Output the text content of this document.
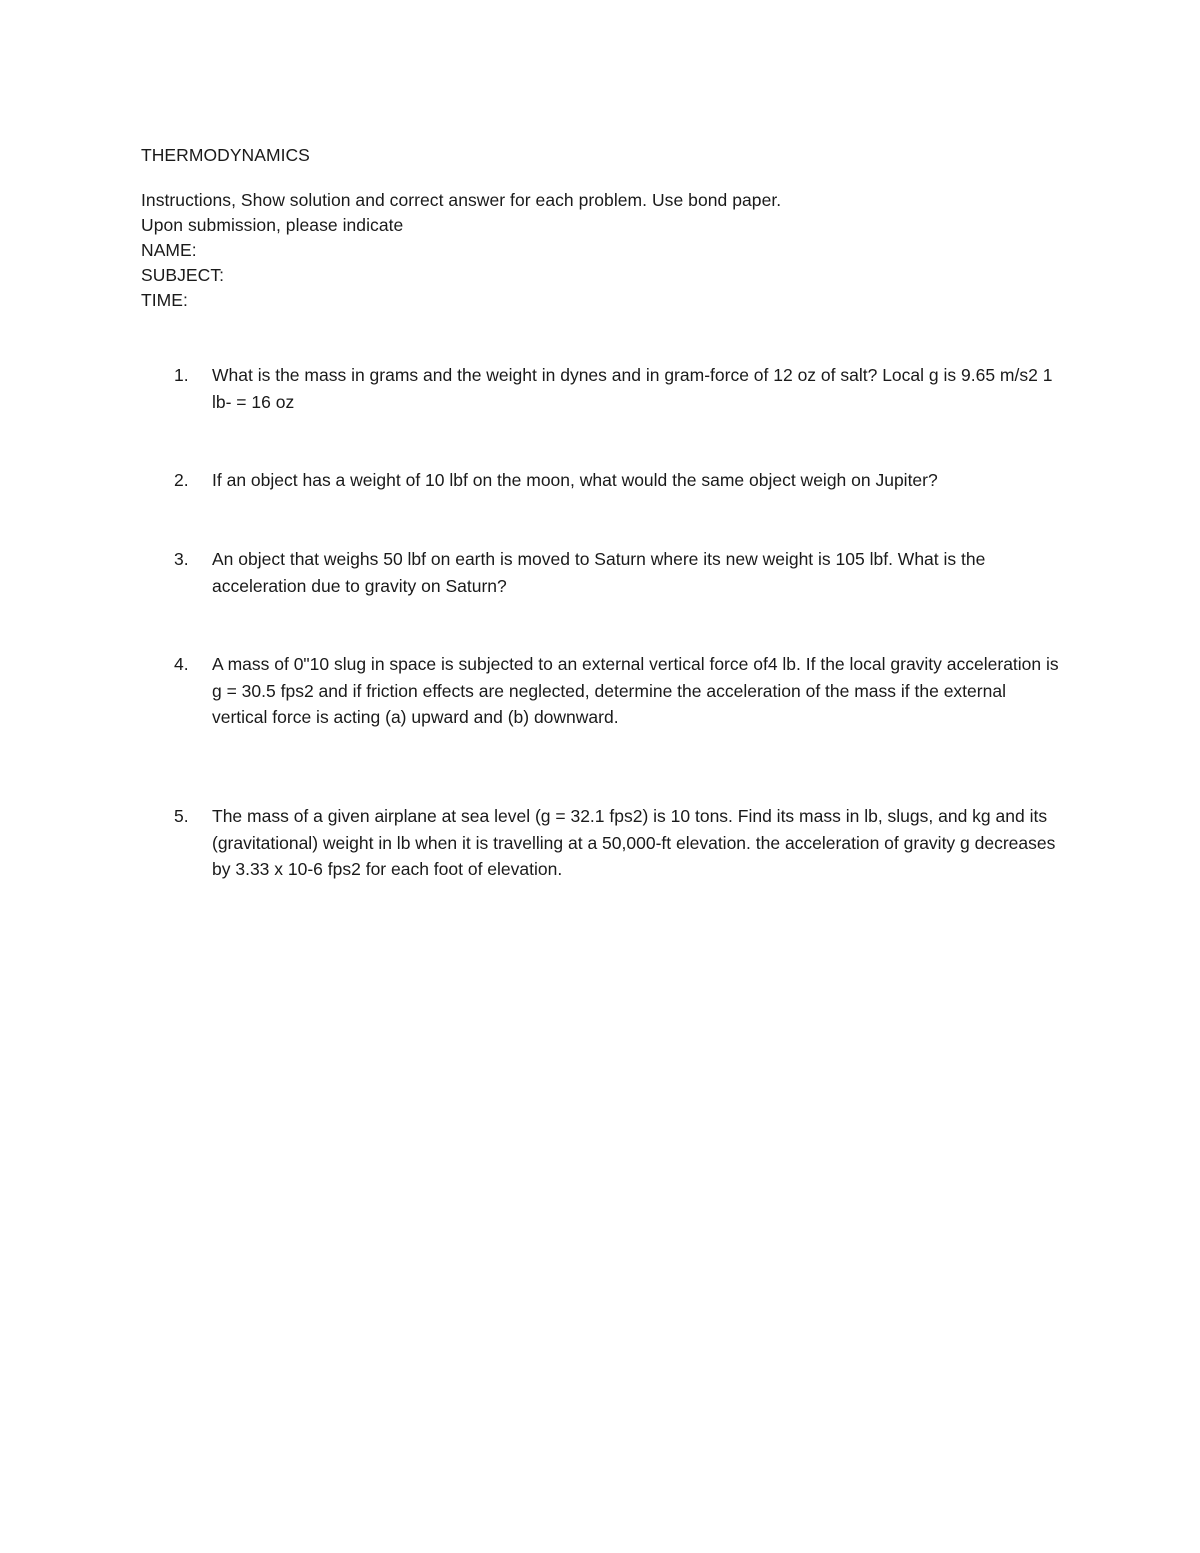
THERMODYNAMICS
Instructions, Show solution and correct answer for each problem. Use bond paper.
Upon submission, please indicate
NAME:
SUBJECT:
TIME:
1. What is the mass in grams and the weight in dynes and in gram-force of 12 oz of salt? Local g is 9.65 m/s2 1 lb- = 16 oz
2. If an object has a weight of 10 lbf on the moon, what would the same object weigh on Jupiter?
3. An object that weighs 50 lbf on earth is moved to Saturn where its new weight is 105 lbf. What is the acceleration due to gravity on Saturn?
4. A mass of 0"10 slug in space is subjected to an external vertical force of4 lb. If the local gravity acceleration is g = 30.5 fps2 and if friction effects are neglected, determine the acceleration of the mass if the external vertical force is acting (a) upward and (b) downward.
5. The mass of a given airplane at sea level (g = 32.1 fps2) is 10 tons. Find its mass in lb, slugs, and kg and its (gravitational) weight in lb when it is travelling at a 50,000-ft elevation. the acceleration of gravity g decreases by 3.33 x 10-6 fps2 for each foot of elevation.
